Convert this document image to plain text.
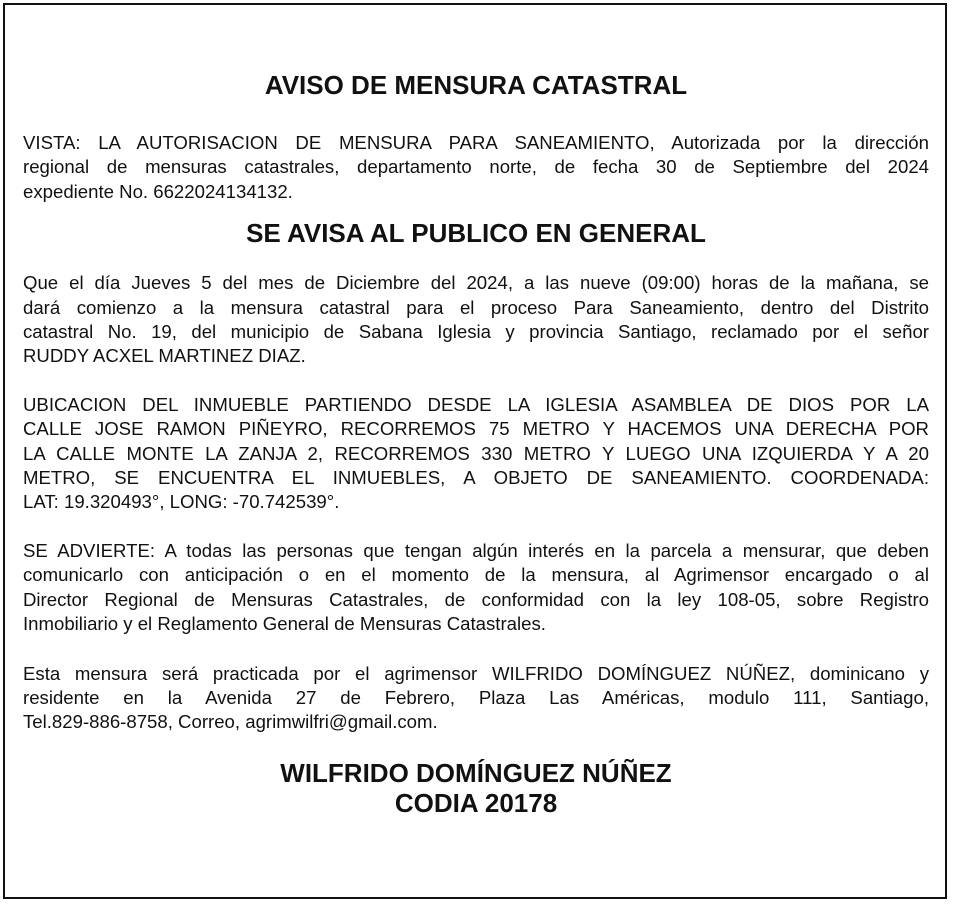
AVISO DE MENSURA CATASTRAL

VISTA: LA AUTORISACION DE MENSURA PARA SANEAMIENTO, Autorizada por la dirección
regional de mensuras catastrales, departamento norte, de fecha 30 de Septiembre del 2024
expediente No. 6622024134132.

SE AVISA AL PUBLICO EN GENERAL

Que el día Jueves 5 del mes de Diciembre del 2024, a las nueve (09:00) horas de la mañana, se
dará comienzo a la mensura catastral para el proceso Para Saneamiento, dentro del Distrito
catastral No. 19, del municipio de Sabana Iglesia y provincia Santiago, reclamado por el señor
RUDDY ACXEL MARTINEZ DIAZ.

UBICACION DEL INMUEBLE PARTIENDO DESDE LA IGLESIA ASAMBLEA DE DIOS POR LA
CALLE JOSE RAMON PIÑEYRO, RECORREMOS 75 METRO Y HACEMOS UNA DERECHA POR
LA CALLE MONTE LA ZANJA 2, RECORREMOS 330 METRO Y LUEGO UNA IZQUIERDA Y A 20
METRO, SE ENCUENTRA EL INMUEBLES, A OBJETO DE SANEAMIENTO. COORDENADA:
LAT: 19.320493°, LONG: -70.742539°.

SE ADVIERTE: A todas las personas que tengan algún interés en la parcela a mensurar, que deben
comunicarlo con anticipación o en el momento de la mensura, al Agrimensor encargado o al
Director Regional de Mensuras Catastrales, de conformidad con la ley 108-05, sobre Registro
Inmobiliario y el Reglamento General de Mensuras Catastrales.

Esta mensura será practicada por el agrimensor WILFRIDO DOMÍNGUEZ NÚÑEZ, dominicano y
residente en la Avenida 27 de Febrero, Plaza Las Américas, modulo 111, Santiago,
Tel.829-886-8758, Correo, agrimwilfri@gmail.com.

WILFRIDO DOMÍNGUEZ NÚÑEZ
CODIA 20178
